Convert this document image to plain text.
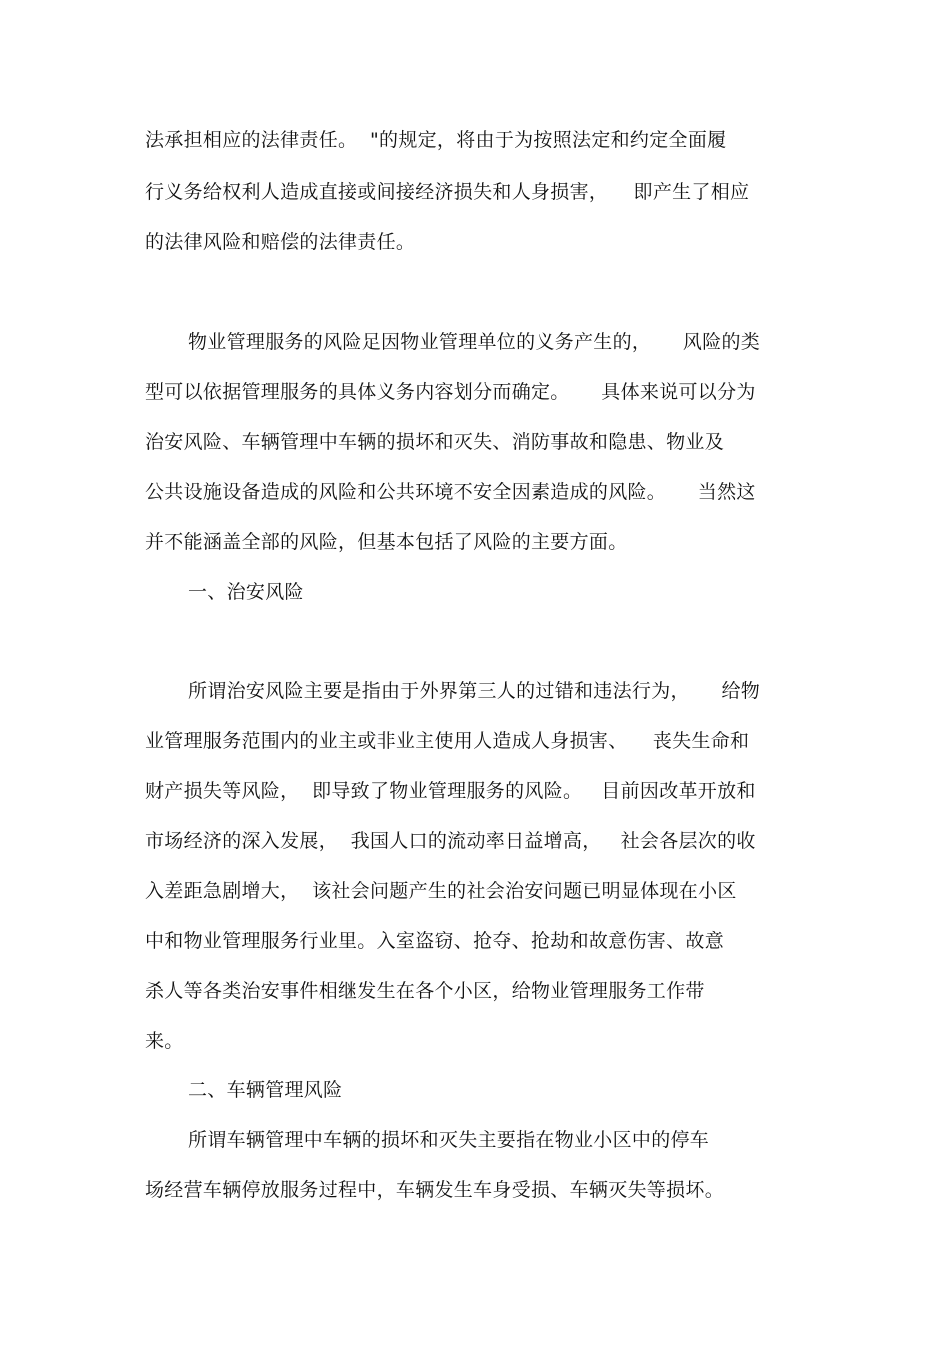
法承担相应的法律责任。  "的规定，将由于为按照法定和约定全面履
行义务给权利人造成直接或间接经济损失和人身损害，    即产生了相应
的法律风险和赔偿的法律责任。
物业管理服务的风险足因物业管理单位的义务产生的，     风险的类
型可以依据管理服务的具体义务内容划分而确定。     具体来说可以分为
治安风险、车辆管理中车辆的损坏和灭失、消防事故和隐患、物业及
公共设施设备造成的风险和公共环境不安全因素造成的风险。     当然这
并不能涵盖全部的风险，但基本包括了风险的主要方面。
一、治安风险
所谓治安风险主要是指由于外界第三人的过错和违法行为，     给物
业管理服务范围内的业主或非业主使用人造成人身损害、    丧失生命和
财产损失等风险，  即导致了物业管理服务的风险。   目前因改革开放和
市场经济的深入发展，  我国人口的流动率日益增高，   社会各层次的收
入差距急剧增大，  该社会问题产生的社会治安问题已明显体现在小区
中和物业管理服务行业里。入室盗窃、抢夺、抢劫和故意伤害、故意
杀人等各类治安事件相继发生在各个小区，给物业管理服务工作带
来。
二、车辆管理风险
所谓车辆管理中车辆的损坏和灭失主要指在物业小区中的停车
场经营车辆停放服务过程中，车辆发生车身受损、车辆灭失等损坏。
